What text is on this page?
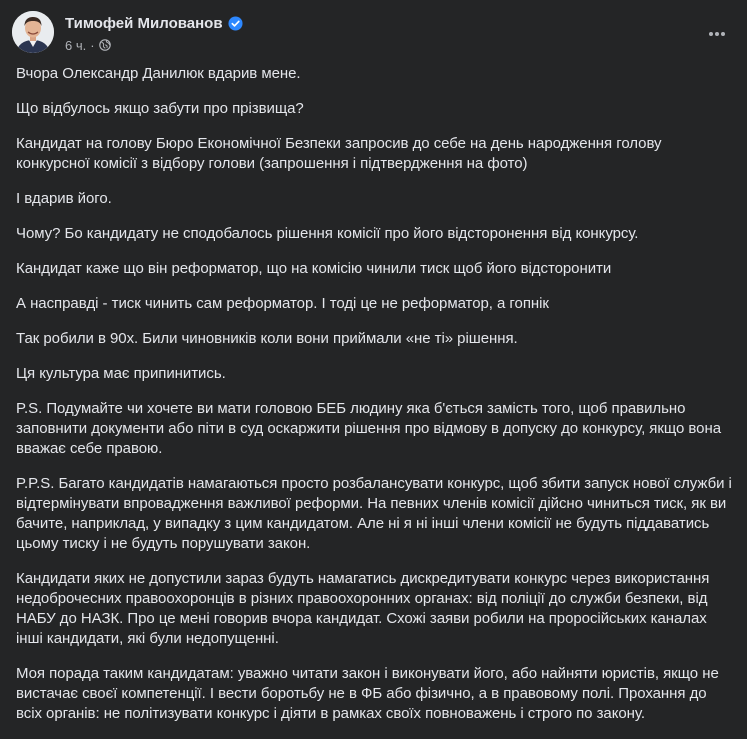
Тимофей Милованов
6 ч. ·

Вчора Олександр Данилюк вдарив мене.

Що відбулось якщо забути про прізвища?

Кандидат на голову Бюро Економічної Безпеки запросив до себе на день народження голову конкурсної комісії з відбору голови (запрошення і підтвердження на фото)

І вдарив його.

Чому? Бо кандидату не сподобалось рішення комісії про його відсторонення від конкурсу.

Кандидат каже що він реформатор, що на комісію чинили тиск щоб його відсторонити

А насправді - тиск чинить сам реформатор. І тоді це не реформатор, а гопнік

Так робили в 90х. Били чиновників коли вони приймали «не ті» рішення.

Ця культура має припинитись.

P.S. Подумайте чи хочете ви мати головою БЕБ людину яка б'ється замість того, щоб правильно заповнити документи або піти в суд оскаржити рішення про відмову в допуску до конкурсу, якщо вона вважає себе правою.

P.P.S. Багато кандидатів намагаються просто розбалансувати конкурс, щоб збити запуск нової служби і відтермінувати впровадження важливої реформи. На певних членів комісії дійсно чиниться тиск, як ви бачите, наприклад, у випадку з цим кандидатом. Але ні я ні інші члени комісії не будуть піддаватись цьому тиску і не будуть порушувати закон.

Кандидати яких не допустили зараз будуть намагатись дискредитувати конкурс через використання недоброчесних правоохоронців в різних правоохоронних органах: від поліції до служби безпеки, від НАБУ до НАЗК. Про це мені говорив вчора кандидат. Схожі заяви робили на проросійських каналах інші кандидати, які були недопущенні.

Моя порада таким кандидатам: уважно читати закон і виконувати його, або найняти юристів, якщо не вистачає своєї компетенції. І вести боротьбу не в ФБ або фізично, а в правовому полі. Прохання до всіх органів: не політизувати конкурс і діяти в рамках своїх повноважень і строго по закону.
